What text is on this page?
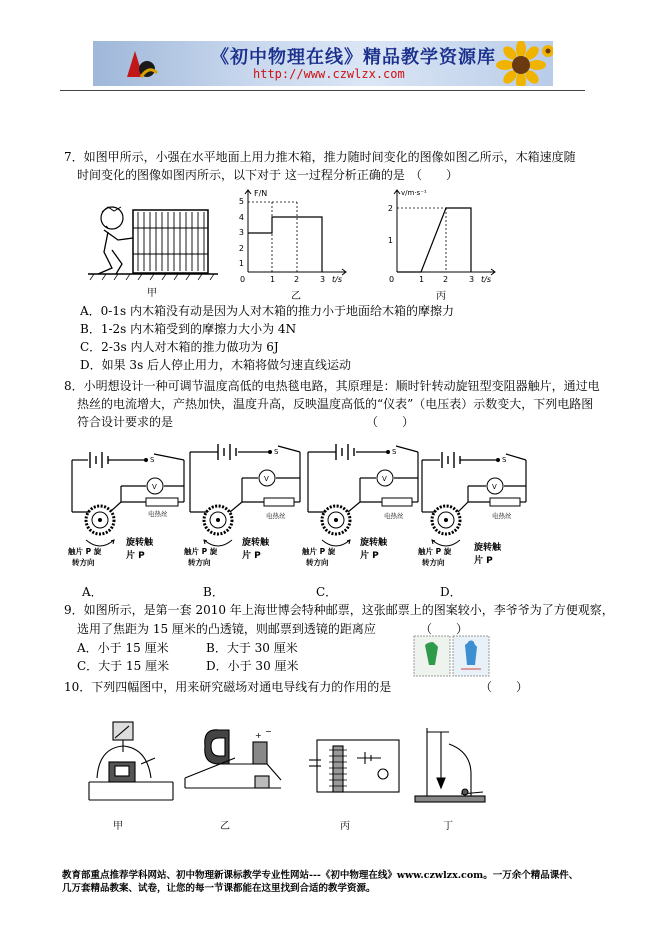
《初中物理在线》精品教学资源库
http://www.czwlzx.com
7．如图甲所示，小强在水平地面上用力推木箱，推力随时间变化的图像如图乙所示，木箱速度随
时间变化的图像如图丙所示，以下对于 这一过程分析正确的是 （　　）
甲
F/N
5
4
3
2
1
0	1 2	3 t/s
乙
v/m·s⁻¹
2
1
0	1 2	3 t/s
丙
A．0-1s 内木箱没有动是因为人对木箱的推力小于地面给木箱的摩擦力
B．1-2s 内木箱受到的摩擦力大小为 4N
C．2-3s 内人对木箱的推力做功为 6J
D．如果 3s 后人停止用力，木箱将做匀速直线运动
8．小明想设计一种可调节温度高低的电热毯电路，其原理是：顺时针转动旋钮型变阻器触片，通过电
热丝的电流增大，产热加快，温度升高，反映温度高低的“仪表”（电压表）示数变大，下列电路图
符合设计要求的是	（　　）
S
V
电热丝
触片 P 旋
转方向
旋转触
片 P
S
V
电热丝
触片 P 旋
转方向
旋转触
片 P
S
V
电热丝
触片 P 旋
转方向
旋转触
片 P
S
V
电热丝
触片 P 旋
转方向
旋转触
片 P
A．	B．	C．	D．
9．如图所示，是第一套 2010 年上海世博会特种邮票，这张邮票上的图案较小，李爷爷为了方便观察，
选用了焦距为 15 厘米的凸透镜，则邮票到透镜的距离应	（　　）
A．小于 15 厘米	B．大于 30 厘米
C．大于 15 厘米	D．小于 30 厘米
10．下列四幅图中，用来研究磁场对通电导线有力的作用的是	（　　）
+ −
甲	乙	丙	丁
教育部重点推荐学科网站、初中物理新课标教学专业性网站---《初中物理在线》www.czwlzx.com。一万余个精品课件、
几万套精品教案、试卷，让您的每一节课都能在这里找到合适的教学资源。
